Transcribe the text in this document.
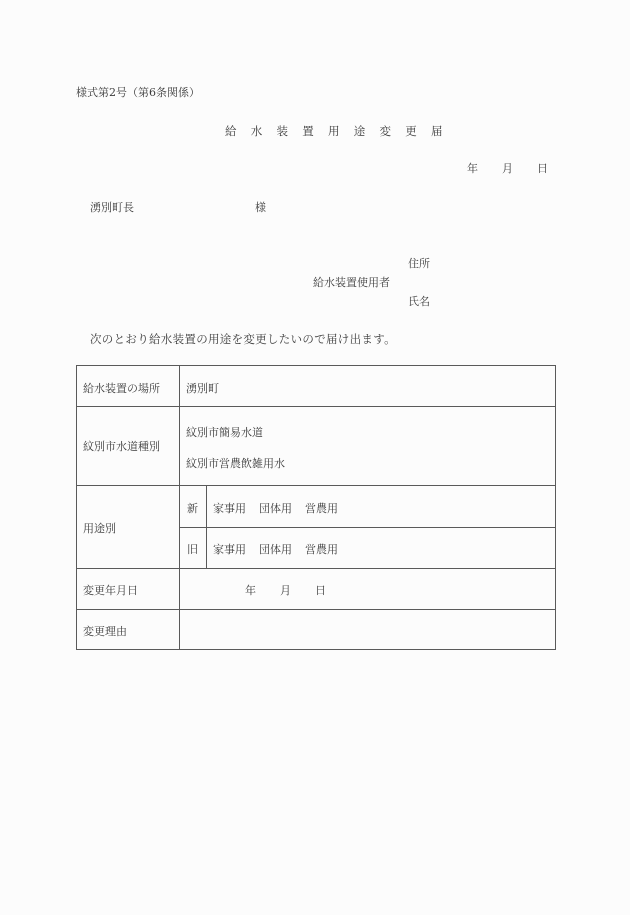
様式第2号（第6条関係）
給 水 装 置 用 途 変 更 届
年 月 日
湧別町長	様
住所
給水装置使用者
氏名
次のとおり給水装置の用途を変更したいので届け出ます。
給水装置の場所 湧別町
紋別市水道種別
紋別市簡易水道
紋別市営農飲雑用水
用途別
新 家事用 団体用 営農用
旧 家事用 団体用 営農用
変更年月日	年 月 日
変更理由
